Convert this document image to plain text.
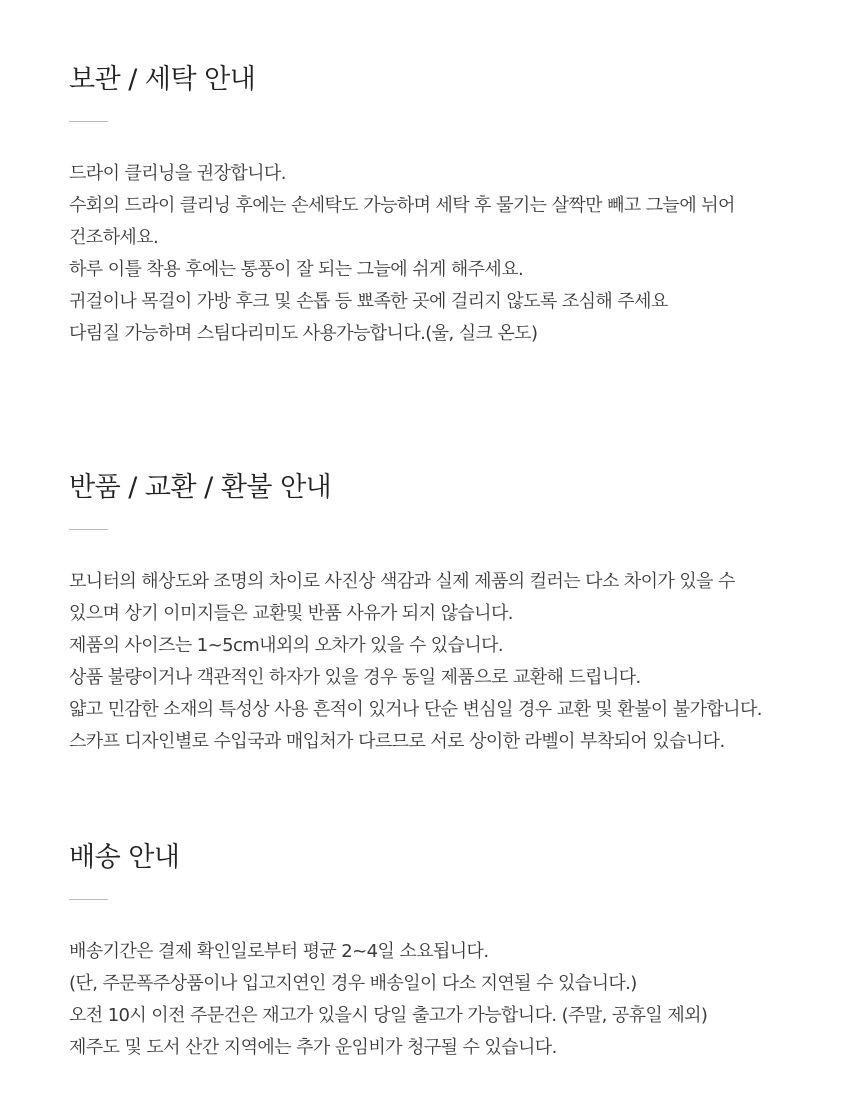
보관 / 세탁 안내
드라이 클리닝을 권장합니다.
수회의 드라이 클리닝 후에는 손세탁도 가능하며 세탁 후 물기는 살짝만 빼고 그늘에 뉘어
건조하세요.
하루 이틀 착용 후에는 통풍이 잘 되는 그늘에 쉬게 해주세요.
귀걸이나 목걸이 가방 후크 및 손톱 등 뾰족한 곳에 걸리지 않도록 조심해 주세요
다림질 가능하며 스팀다리미도 사용가능합니다.(울, 실크 온도)
반품 / 교환 / 환불 안내
모니터의 해상도와 조명의 차이로 사진상 색감과 실제 제품의 컬러는 다소 차이가 있을 수
있으며 상기 이미지들은 교환및 반품 사유가 되지 않습니다.
제품의 사이즈는 1~5cm내외의 오차가 있을 수 있습니다.
상품 불량이거나 객관적인 하자가 있을 경우 동일 제품으로 교환해 드립니다.
얇고 민감한 소재의 특성상 사용 흔적이 있거나 단순 변심일 경우 교환 및 환불이 불가합니다.
스카프 디자인별로 수입국과 매입처가 다르므로 서로 상이한 라벨이 부착되어 있습니다.
배송 안내
배송기간은 결제 확인일로부터 평균 2~4일 소요됩니다.
(단, 주문폭주상품이나 입고지연인 경우 배송일이 다소 지연될 수 있습니다.)
오전 10시 이전 주문건은 재고가 있을시 당일 출고가 가능합니다. (주말, 공휴일 제외)
제주도 및 도서 산간 지역에는 추가 운임비가 청구될 수 있습니다.
